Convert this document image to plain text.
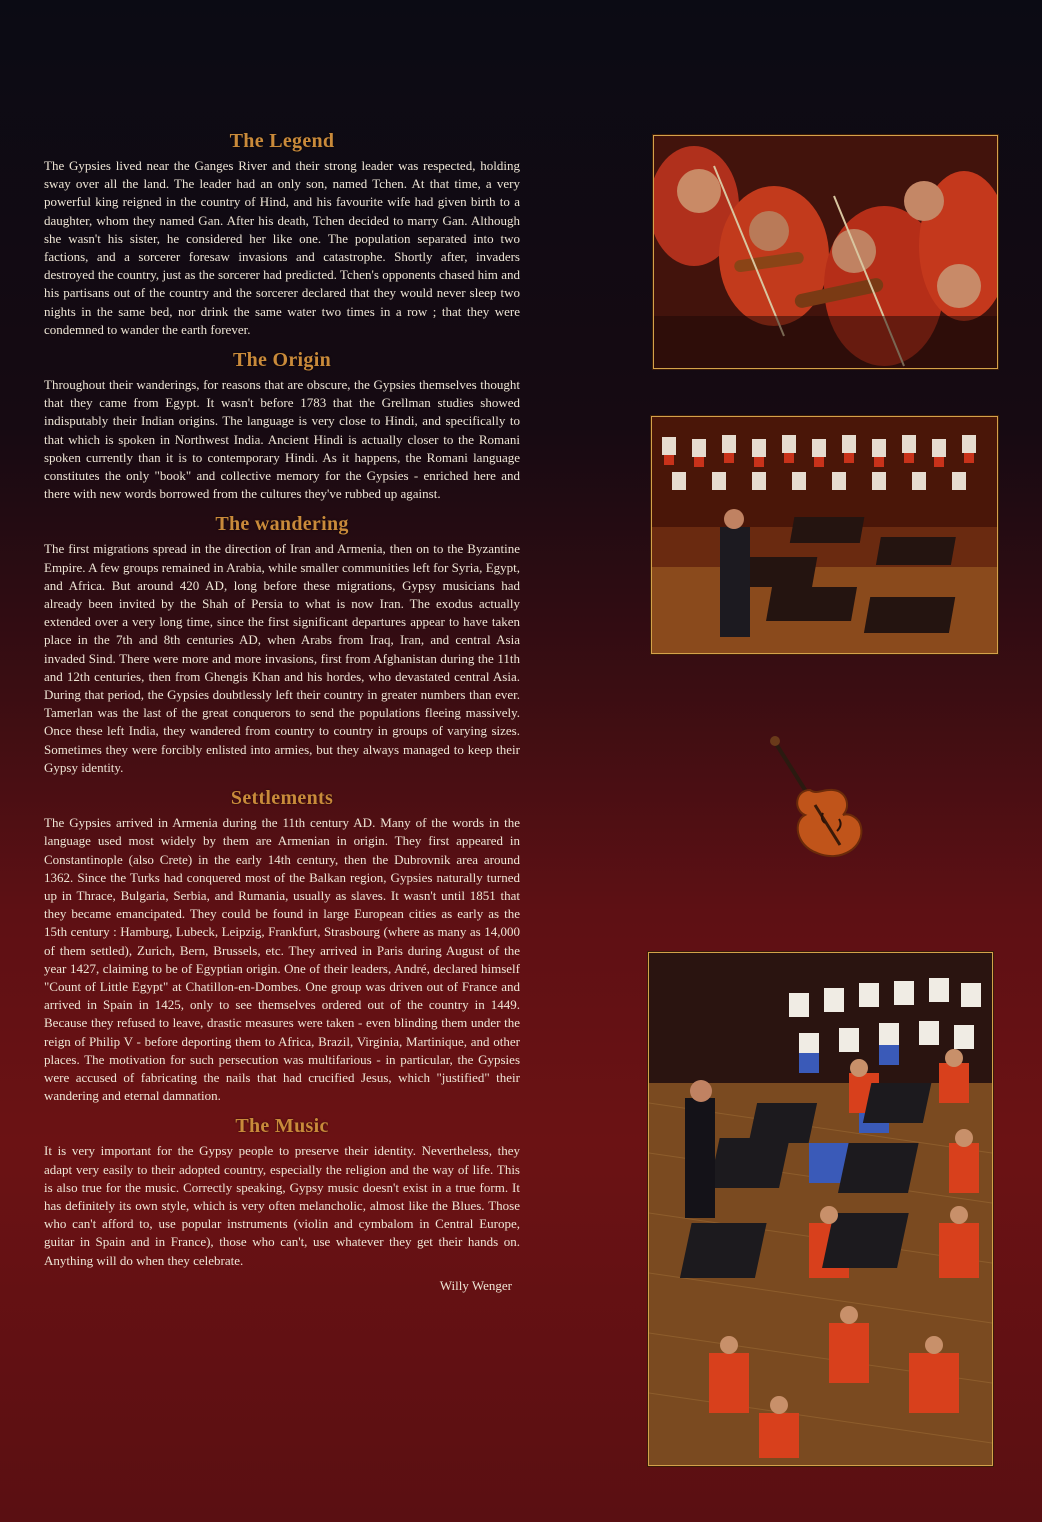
The Legend

The Gypsies lived near the Ganges River and their strong leader was respected, holding sway over all the land. The leader had an only son, named Tchen. At that time, a very powerful king reigned in the country of Hind, and his favourite wife had given birth to a daughter, whom they named Gan. After his death, Tchen decided to marry Gan. Although she wasn't his sister, he considered her like one. The population separated into two factions, and a sorcerer foresaw invasions and catastrophe. Shortly after, invaders destroyed the country, just as the sorcerer had predicted. Tchen's opponents chased him and his partisans out of the country and the sorcerer declared that they would never sleep two nights in the same bed, nor drink the same water two times in a row ; that they were condemned to wander the earth forever.

The Origin

Throughout their wanderings, for reasons that are obscure, the Gypsies themselves thought that they came from Egypt. It wasn't before 1783 that the Grellman studies showed indisputably their Indian origins. The language is very close to Hindi, and specifically to that which is spoken in Northwest India. Ancient Hindi is actually closer to the Romani spoken currently than it is to contemporary Hindi. As it happens, the Romani language constitutes the only "book" and collective memory for the Gypsies - enriched here and there with new words borrowed from the cultures they've rubbed up against.

The wandering

The first migrations spread in the direction of Iran and Armenia, then on to the Byzantine Empire. A few groups remained in Arabia, while smaller communities left for Syria, Egypt, and Africa. But around 420 AD, long before these migrations, Gypsy musicians had already been invited by the Shah of Persia to what is now Iran. The exodus actually extended over a very long time, since the first significant departures appear to have taken place in the 7th and 8th centuries AD, when Arabs from Iraq, Iran, and central Asia invaded Sind. There were more and more invasions, first from Afghanistan during the 11th and 12th centuries, then from Ghengis Khan and his hordes, who devastated central Asia. During that period, the Gypsies doubtlessly left their country in greater numbers than ever. Tamerlan was the last of the great conquerors to send the populations fleeing massively. Once these left India, they wandered from country to country in groups of varying sizes. Sometimes they were forcibly enlisted into armies, but they always managed to keep their Gypsy identity.

Settlements

The Gypsies arrived in Armenia during the 11th century AD. Many of the words in the language used most widely by them are Armenian in origin. They first appeared in Constantinople (also Crete) in the early 14th century, then the Dubrovnik area around 1362. Since the Turks had conquered most of the Balkan region, Gypsies naturally turned up in Thrace, Bulgaria, Serbia, and Rumania, usually as slaves. It wasn't until 1851 that they became emancipated. They could be found in large European cities as early as the 15th century : Hamburg, Lubeck, Leipzig, Frankfurt, Strasbourg (where as many as 14,000 of them settled), Zurich, Bern, Brussels, etc. They arrived in Paris during August of the year 1427, claiming to be of Egyptian origin. One of their leaders, André, declared himself "Count of Little Egypt" at Chatillon-en-Dombes. One group was driven out of France and arrived in Spain in 1425, only to see themselves ordered out of the country in 1449. Because they refused to leave, drastic measures were taken - even blinding them under the reign of Philip V - before deporting them to Africa, Brazil, Virginia, Martinique, and other places. The motivation for such persecution was multifarious - in particular, the Gypsies were accused of fabricating the nails that had crucified Jesus, which "justified" their wandering and eternal damnation.

The Music

It is very important for the Gypsy people to preserve their identity. Nevertheless, they adapt very easily to their adopted country, especially the religion and the way of life. This is also true for the music. Correctly speaking, Gypsy music doesn't exist in a true form. It has definitely its own style, which is very often melancholic, almost like the Blues. Those who can't afford to, use popular instruments (violin and cymbalom in Central Europe, guitar in Spain and in France), those who can't, use whatever they get their hands on. Anything will do when they celebrate.

Willy Wenger
